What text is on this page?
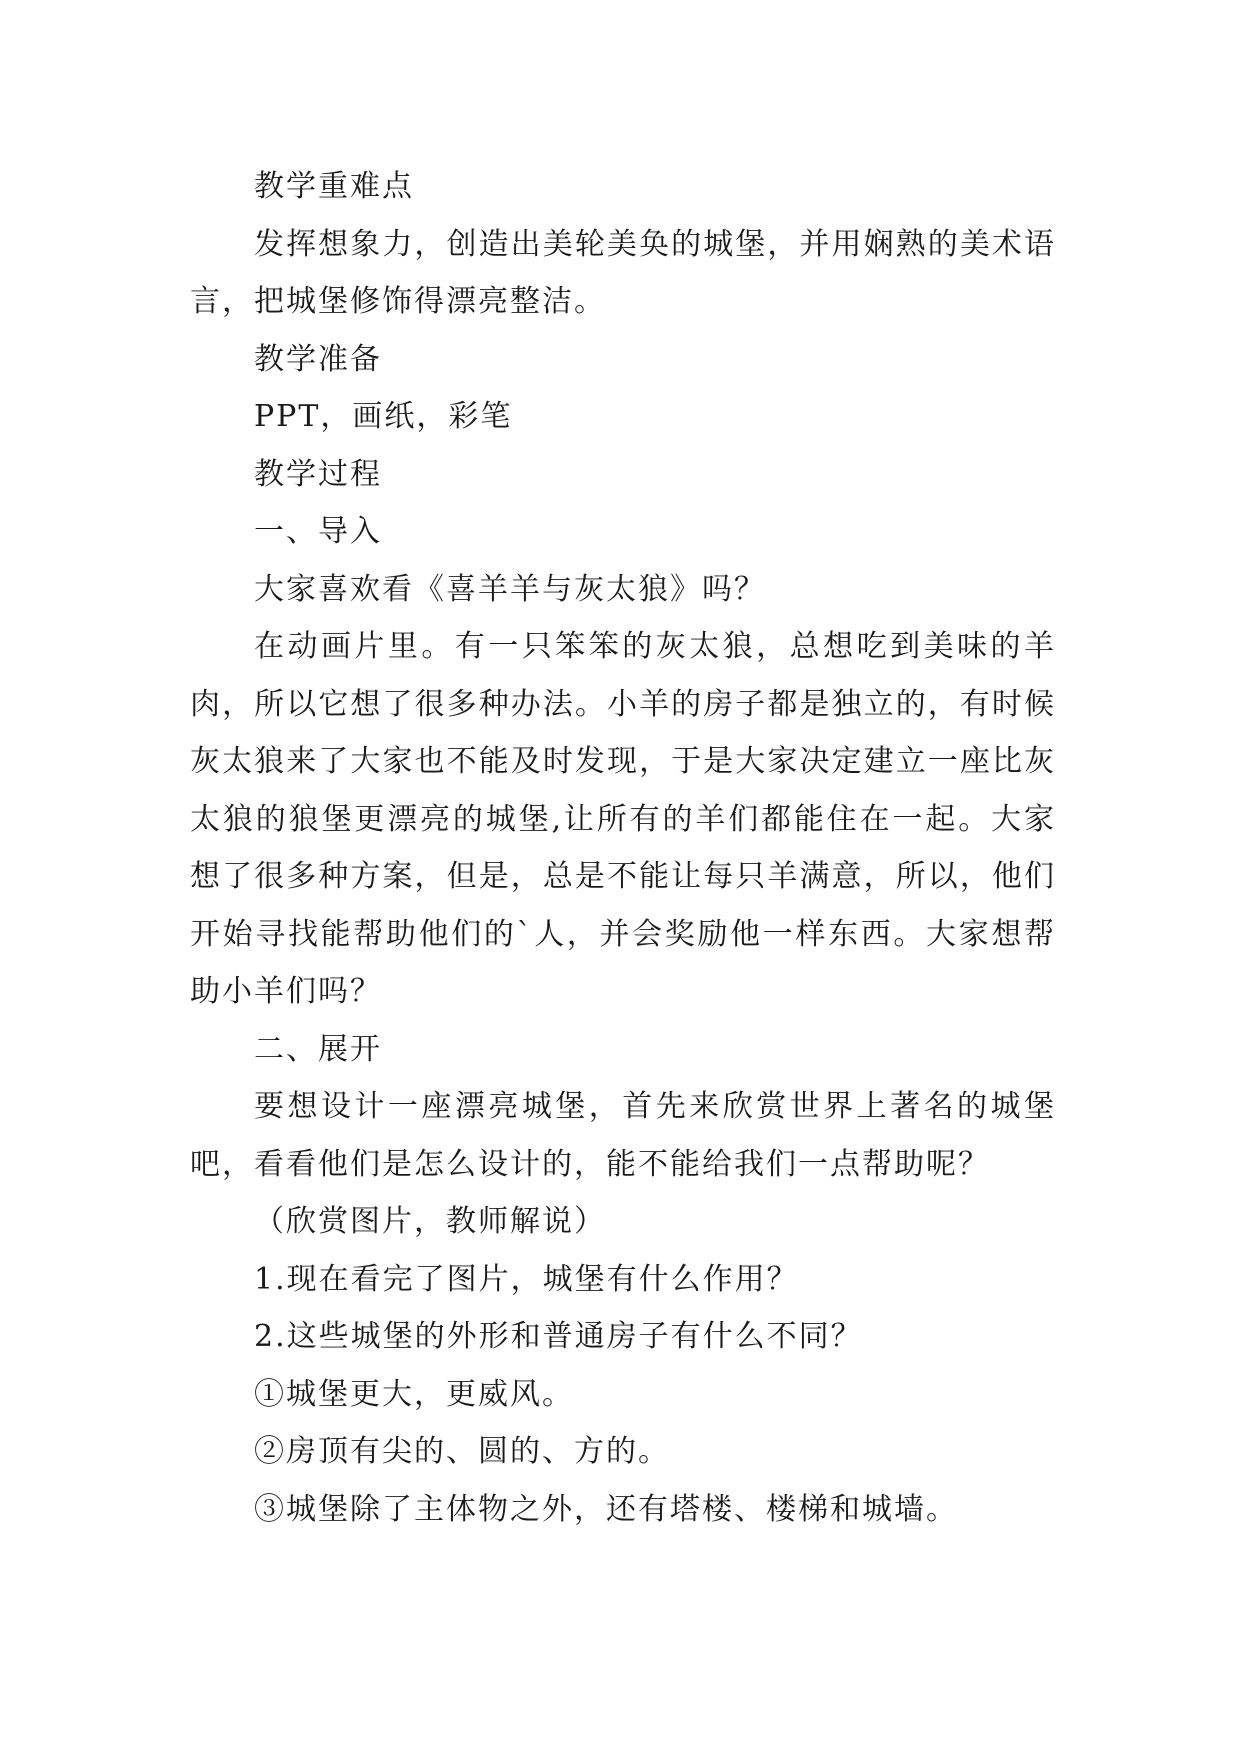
教学重难点

发挥想象力，创造出美轮美奂的城堡，并用娴熟的美术语言，把城堡修饰得漂亮整洁。

教学准备

PPT，画纸，彩笔

教学过程

一、导入

大家喜欢看《喜羊羊与灰太狼》吗？

在动画片里。有一只笨笨的灰太狼，总想吃到美味的羊肉，所以它想了很多种办法。小羊的房子都是独立的，有时候灰太狼来了大家也不能及时发现，于是大家决定建立一座比灰太狼的狼堡更漂亮的城堡,让所有的羊们都能住在一起。大家想了很多种方案，但是，总是不能让每只羊满意，所以，他们开始寻找能帮助他们的`人，并会奖励他一样东西。大家想帮助小羊们吗？

二、展开

要想设计一座漂亮城堡，首先来欣赏世界上著名的城堡吧，看看他们是怎么设计的，能不能给我们一点帮助呢？

（欣赏图片，教师解说）

1.现在看完了图片，城堡有什么作用？

2.这些城堡的外形和普通房子有什么不同？

①城堡更大，更威风。

②房顶有尖的、圆的、方的。

③城堡除了主体物之外，还有塔楼、楼梯和城墙。
